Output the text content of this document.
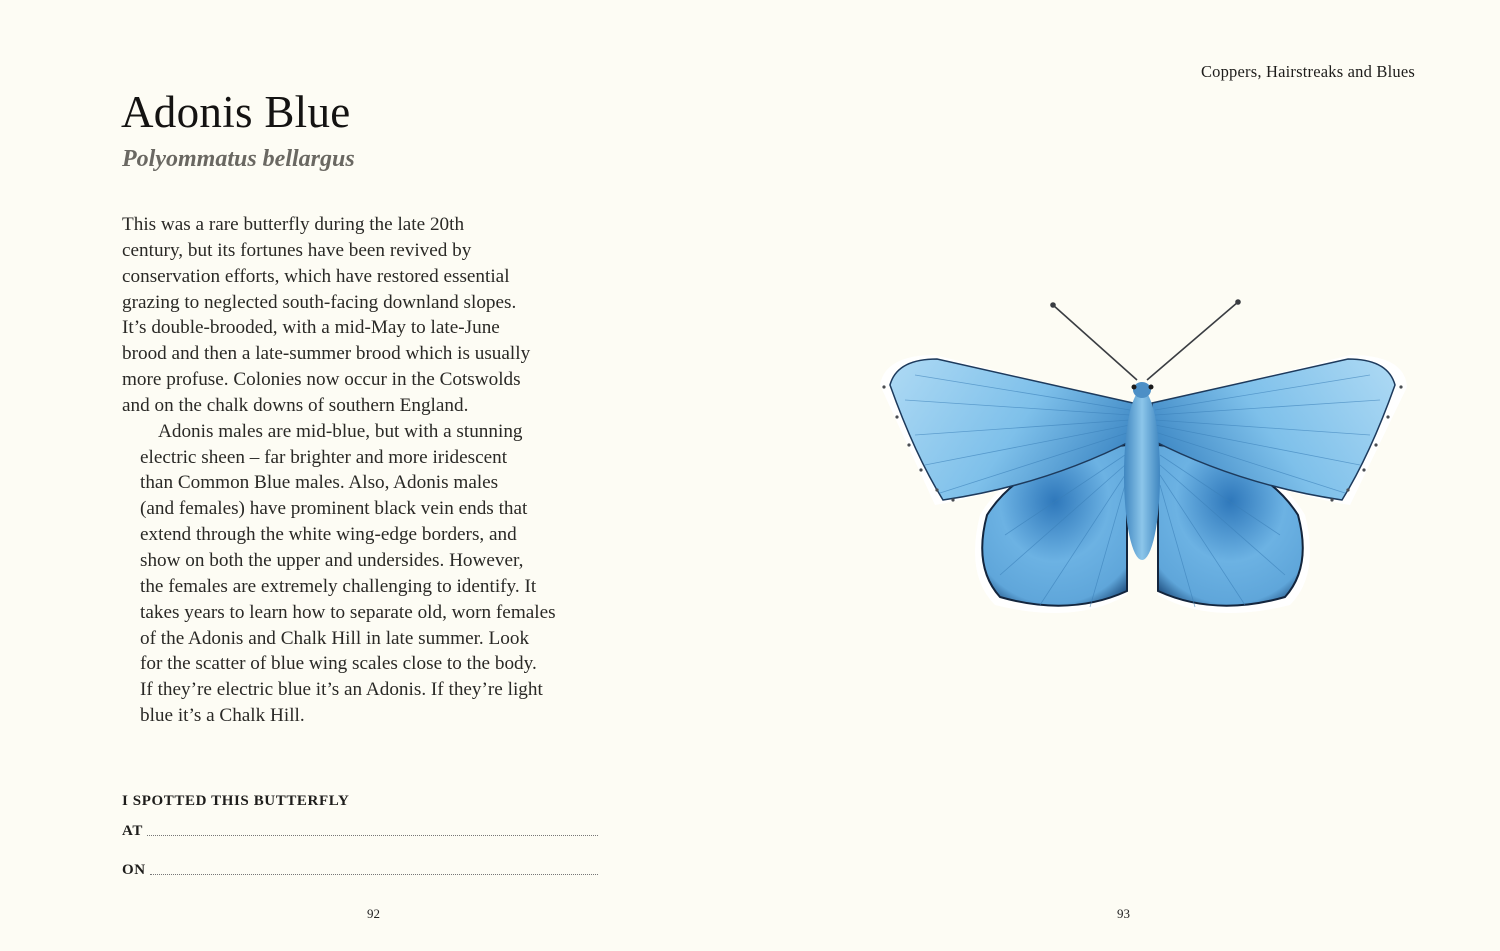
Adonis Blue
Polyommatus bellargus

This was a rare butterfly during the late 20th
century, but its fortunes have been revived by
conservation efforts, which have restored essential
grazing to neglected south-facing downland slopes.
It’s double-brooded, with a mid-May to late-June
brood and then a late-summer brood which is usually
more profuse. Colonies now occur in the Cotswolds
and on the chalk downs of southern England.

Adonis males are mid-blue, but with a stunning
electric sheen – far brighter and more iridescent
than Common Blue males. Also, Adonis males
(and females) have prominent black vein ends that
extend through the white wing-edge borders, and
show on both the upper and undersides. However,
the females are extremely challenging to identify. It
takes years to learn how to separate old, worn females
of the Adonis and Chalk Hill in late summer. Look
for the scatter of blue wing scales close to the body.
If they’re electric blue it’s an Adonis. If they’re light
blue it’s a Chalk Hill.

I SPOTTED THIS BUTTERFLY
AT
ON
92
Coppers, Hairstreaks and Blues
93
